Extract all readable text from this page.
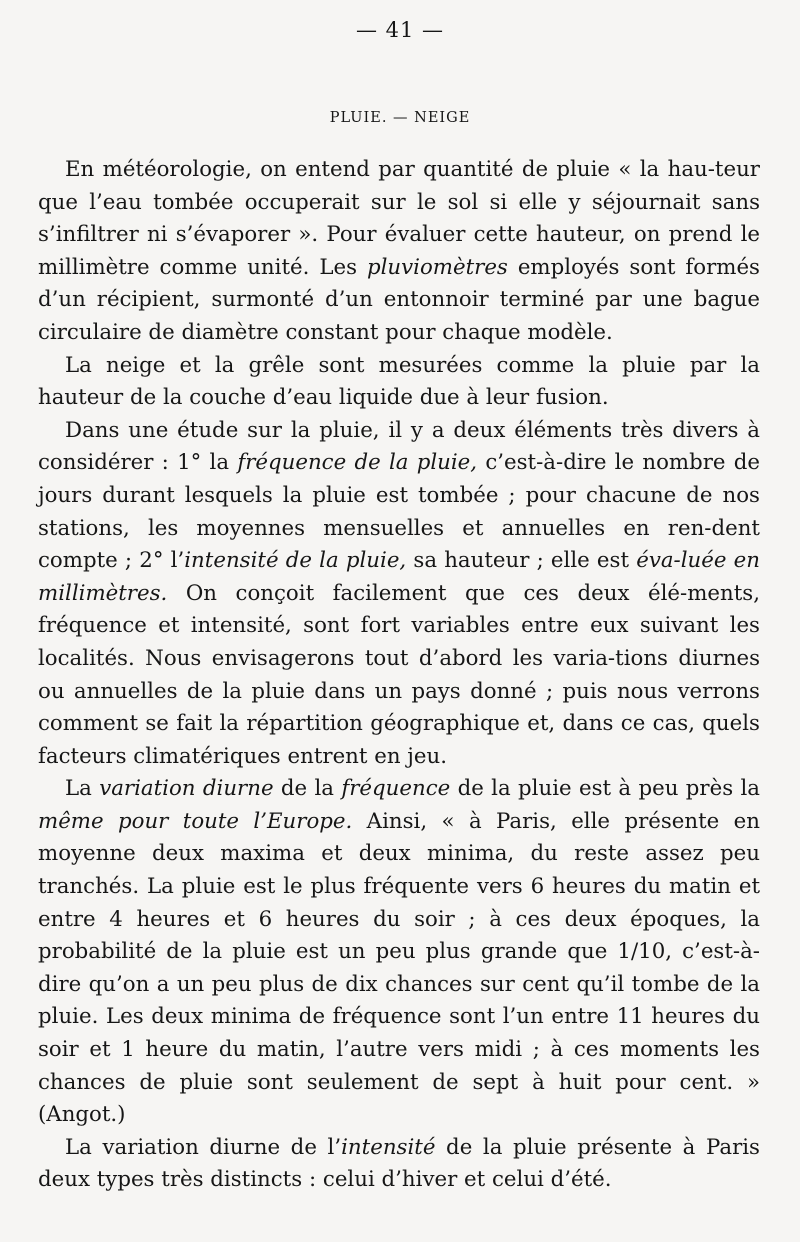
— 41 —
PLUIE. — NEIGE

En météorologie, on entend par quantité de pluie « la hau-teur que l’eau tombée occuperait sur le sol si elle y séjournait sans s’infiltrer ni s’évaporer ». Pour évaluer cette hauteur, on prend le millimètre comme unité. Les pluviomètres employés sont formés d’un récipient, surmonté d’un entonnoir terminé par une bague circulaire de diamètre constant pour chaque modèle.

La neige et la grêle sont mesurées comme la pluie par la hauteur de la couche d’eau liquide due à leur fusion.

Dans une étude sur la pluie, il y a deux éléments très divers à considérer : 1° la fréquence de la pluie, c’est-à-dire le nombre de jours durant lesquels la pluie est tombée ; pour chacune de nos stations, les moyennes mensuelles et annuelles en ren-dent compte ; 2° l’intensité de la pluie, sa hauteur ; elle est éva-luée en millimètres. On conçoit facilement que ces deux élé-ments, fréquence et intensité, sont fort variables entre eux suivant les localités. Nous envisagerons tout d’abord les varia-tions diurnes ou annuelles de la pluie dans un pays donné ; puis nous verrons comment se fait la répartition géographique et, dans ce cas, quels facteurs climatériques entrent en jeu.

La variation diurne de la fréquence de la pluie est à peu près la même pour toute l’Europe. Ainsi, « à Paris, elle présente en moyenne deux maxima et deux minima, du reste assez peu tranchés. La pluie est le plus fréquente vers 6 heures du matin et entre 4 heures et 6 heures du soir ; à ces deux époques, la probabilité de la pluie est un peu plus grande que 1/10, c’est-à-dire qu’on a un peu plus de dix chances sur cent qu’il tombe de la pluie. Les deux minima de fréquence sont l’un entre 11 heures du soir et 1 heure du matin, l’autre vers midi ; à ces moments les chances de pluie sont seulement de sept à huit pour cent. » (Angot.)

La variation diurne de l’intensité de la pluie présente à Paris deux types très distincts : celui d’hiver et celui d’été.
